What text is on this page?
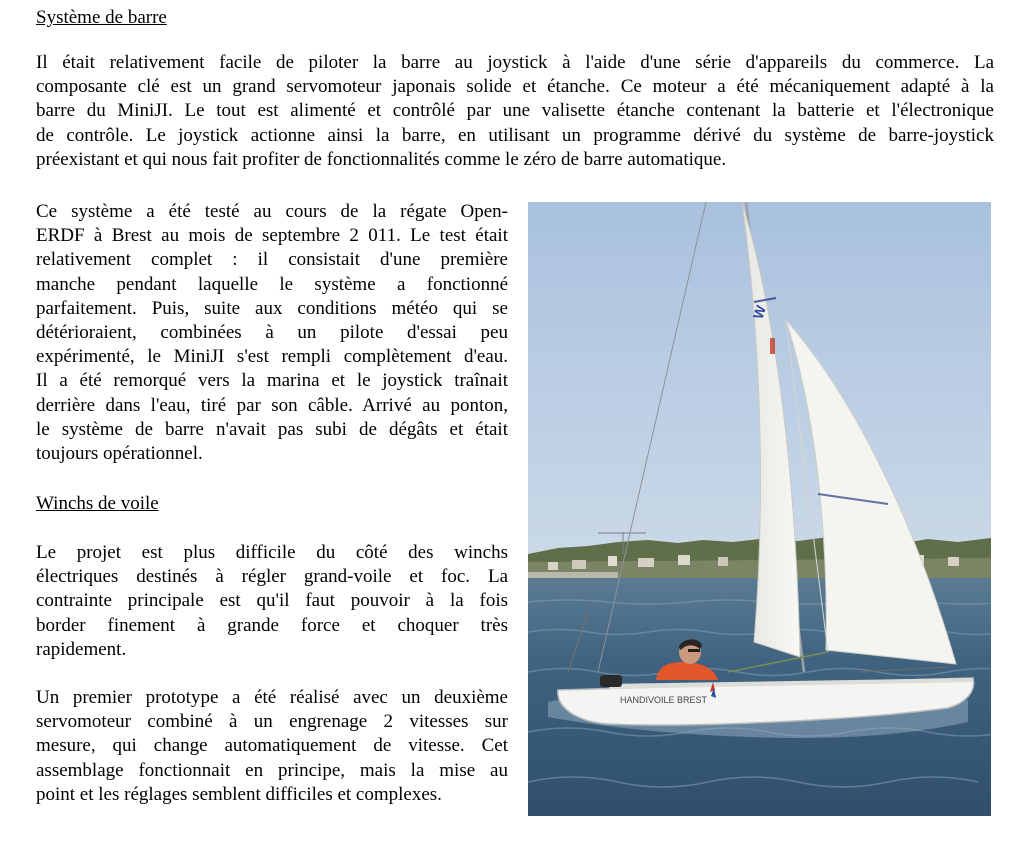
Système de barre
Il était relativement facile de piloter la barre au joystick à l'aide d'une série d'appareils du commerce. La
composante clé est un grand servomoteur japonais solide et étanche. Ce moteur a été mécaniquement adapté à la
barre du MiniJI. Le tout est alimenté et contrôlé par une valisette étanche contenant la batterie et l'électronique
de contrôle. Le joystick actionne ainsi la barre, en utilisant un programme dérivé du système de barre-joystick
préexistant et qui nous fait profiter de fonctionnalités comme le zéro de barre automatique.
Ce système a été testé au cours de la régate Open-
ERDF à Brest au mois de septembre 2 011. Le test était
relativement complet : il consistait d'une première
manche pendant laquelle le système a fonctionné
parfaitement. Puis, suite aux conditions météo qui se
détérioraient, combinées à un pilote d'essai peu
expérimenté, le MiniJI s'est rempli complètement d'eau.
Il a été remorqué vers la marina et le joystick traînait
derrière dans l'eau, tiré par son câble. Arrivé au ponton,
le système de barre n'avait pas subi de dégâts et était
toujours opérationnel.
Winchs de voile
Le projet est plus difficile du côté des winchs
électriques destinés à régler grand-voile et foc. La
contrainte principale est qu'il faut pouvoir à la fois
border finement à grande force et choquer très
rapidement.
Un premier prototype a été réalisé avec un deuxième
servomoteur combiné à un engrenage 2 vitesses sur
mesure, qui change automatiquement de vitesse. Cet
assemblage fonctionnait en principe, mais la mise au
point et les réglages semblent difficiles et complexes.
W
HANDIVOILE BREST
